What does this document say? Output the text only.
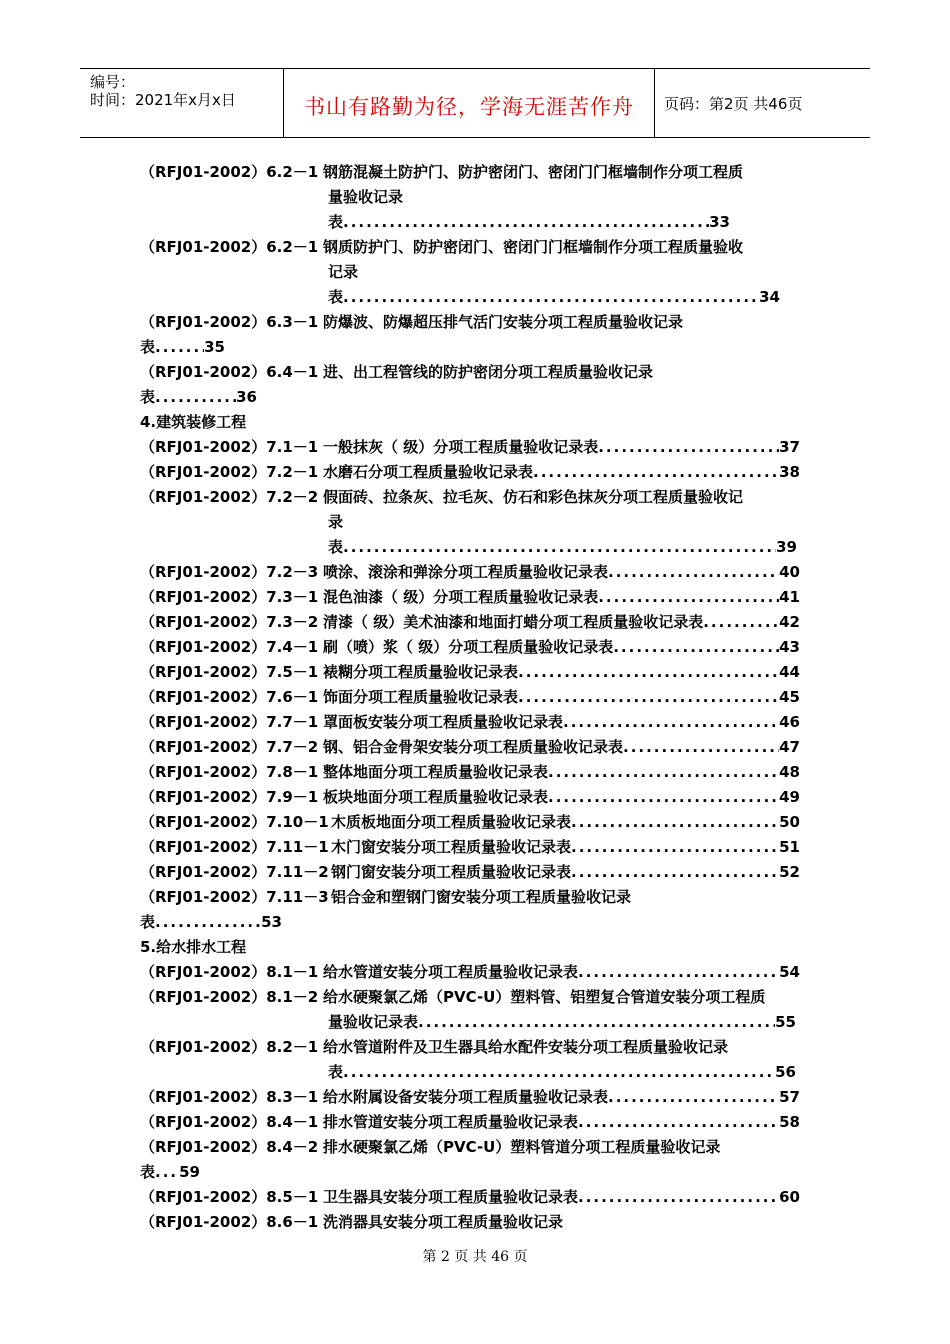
编号：
时间：2021年x月x日	书山有路勤为径，学海无涯苦作舟	页码：第2页 共46页
（RFJ01-2002）6.2－1 钢筋混凝土防护门、防护密闭门、密闭门门框墙制作分项工程质
量验收记录
表 .....	33
（RFJ01-2002）6.2－1 钢质防护门、防护密闭门、密闭门门框墙制作分项工程质量验收
记录
表 .....	34
（RFJ01-2002）6.3－1 防爆波、防爆超压排气活门安装分项工程质量验收记录
表 .....	35
（RFJ01-2002）6.4－1 进、出工程管线的防护密闭分项工程质量验收记录
表 .....	36
4.建筑装修工程
（RFJ01-2002）7.1－1 一般抹灰（ 级）分项工程质量验收记录表 .....	37
（RFJ01-2002）7.2－1 水磨石分项工程质量验收记录表 .....	38
（RFJ01-2002）7.2－2 假面砖、拉条灰、拉毛灰、仿石和彩色抹灰分项工程质量验收记
录
表 .....	39
（RFJ01-2002）7.2－3 喷涂、滚涂和弹涂分项工程质量验收记录表 .....	40
（RFJ01-2002）7.3－1 混色油漆（ 级）分项工程质量验收记录表 .....	41
（RFJ01-2002）7.3－2 清漆（ 级）美术油漆和地面打蜡分项工程质量验收记录表 .....	42
（RFJ01-2002）7.4－1 刷（喷）浆（ 级）分项工程质量验收记录表 .....	43
（RFJ01-2002）7.5－1 裱糊分项工程质量验收记录表 .....	44
（RFJ01-2002）7.6－1 饰面分项工程质量验收记录表 .....	45
（RFJ01-2002）7.7－1 罩面板安装分项工程质量验收记录表 .....	46
（RFJ01-2002）7.7－2 钢、铝合金骨架安装分项工程质量验收记录表 .....	47
（RFJ01-2002）7.8－1 整体地面分项工程质量验收记录表 .....	48
（RFJ01-2002）7.9－1 板块地面分项工程质量验收记录表 .....	49
（RFJ01-2002）7.10－1 木质板地面分项工程质量验收记录表 .....	50
（RFJ01-2002）7.11－1 木门窗安装分项工程质量验收记录表 .....	51
（RFJ01-2002）7.11－2 钢门窗安装分项工程质量验收记录表 .....	52
（RFJ01-2002）7.11－3 铝合金和塑钢门窗安装分项工程质量验收记录
表 .....	53
5.给水排水工程
（RFJ01-2002）8.1－1 给水管道安装分项工程质量验收记录表 .....	54
（RFJ01-2002）8.1－2 给水硬聚氯乙烯（PVC-U）塑料管、铝塑复合管道安装分项工程质
量验收记录表 .....	55
（RFJ01-2002）8.2－1 给水管道附件及卫生器具给水配件安装分项工程质量验收记录
表 .....	56
（RFJ01-2002）8.3－1 给水附属设备安装分项工程质量验收记录表 .....	57
（RFJ01-2002）8.4－1 排水管道安装分项工程质量验收记录表 .....	58
（RFJ01-2002）8.4－2 排水硬聚氯乙烯（PVC-U）塑料管道分项工程质量验收记录
表 ..... 59
（RFJ01-2002）8.5－1 卫生器具安装分项工程质量验收记录表 .....	60
（RFJ01-2002）8.6－1 洗消器具安装分项工程质量验收记录
第 2 页 共 46 页
